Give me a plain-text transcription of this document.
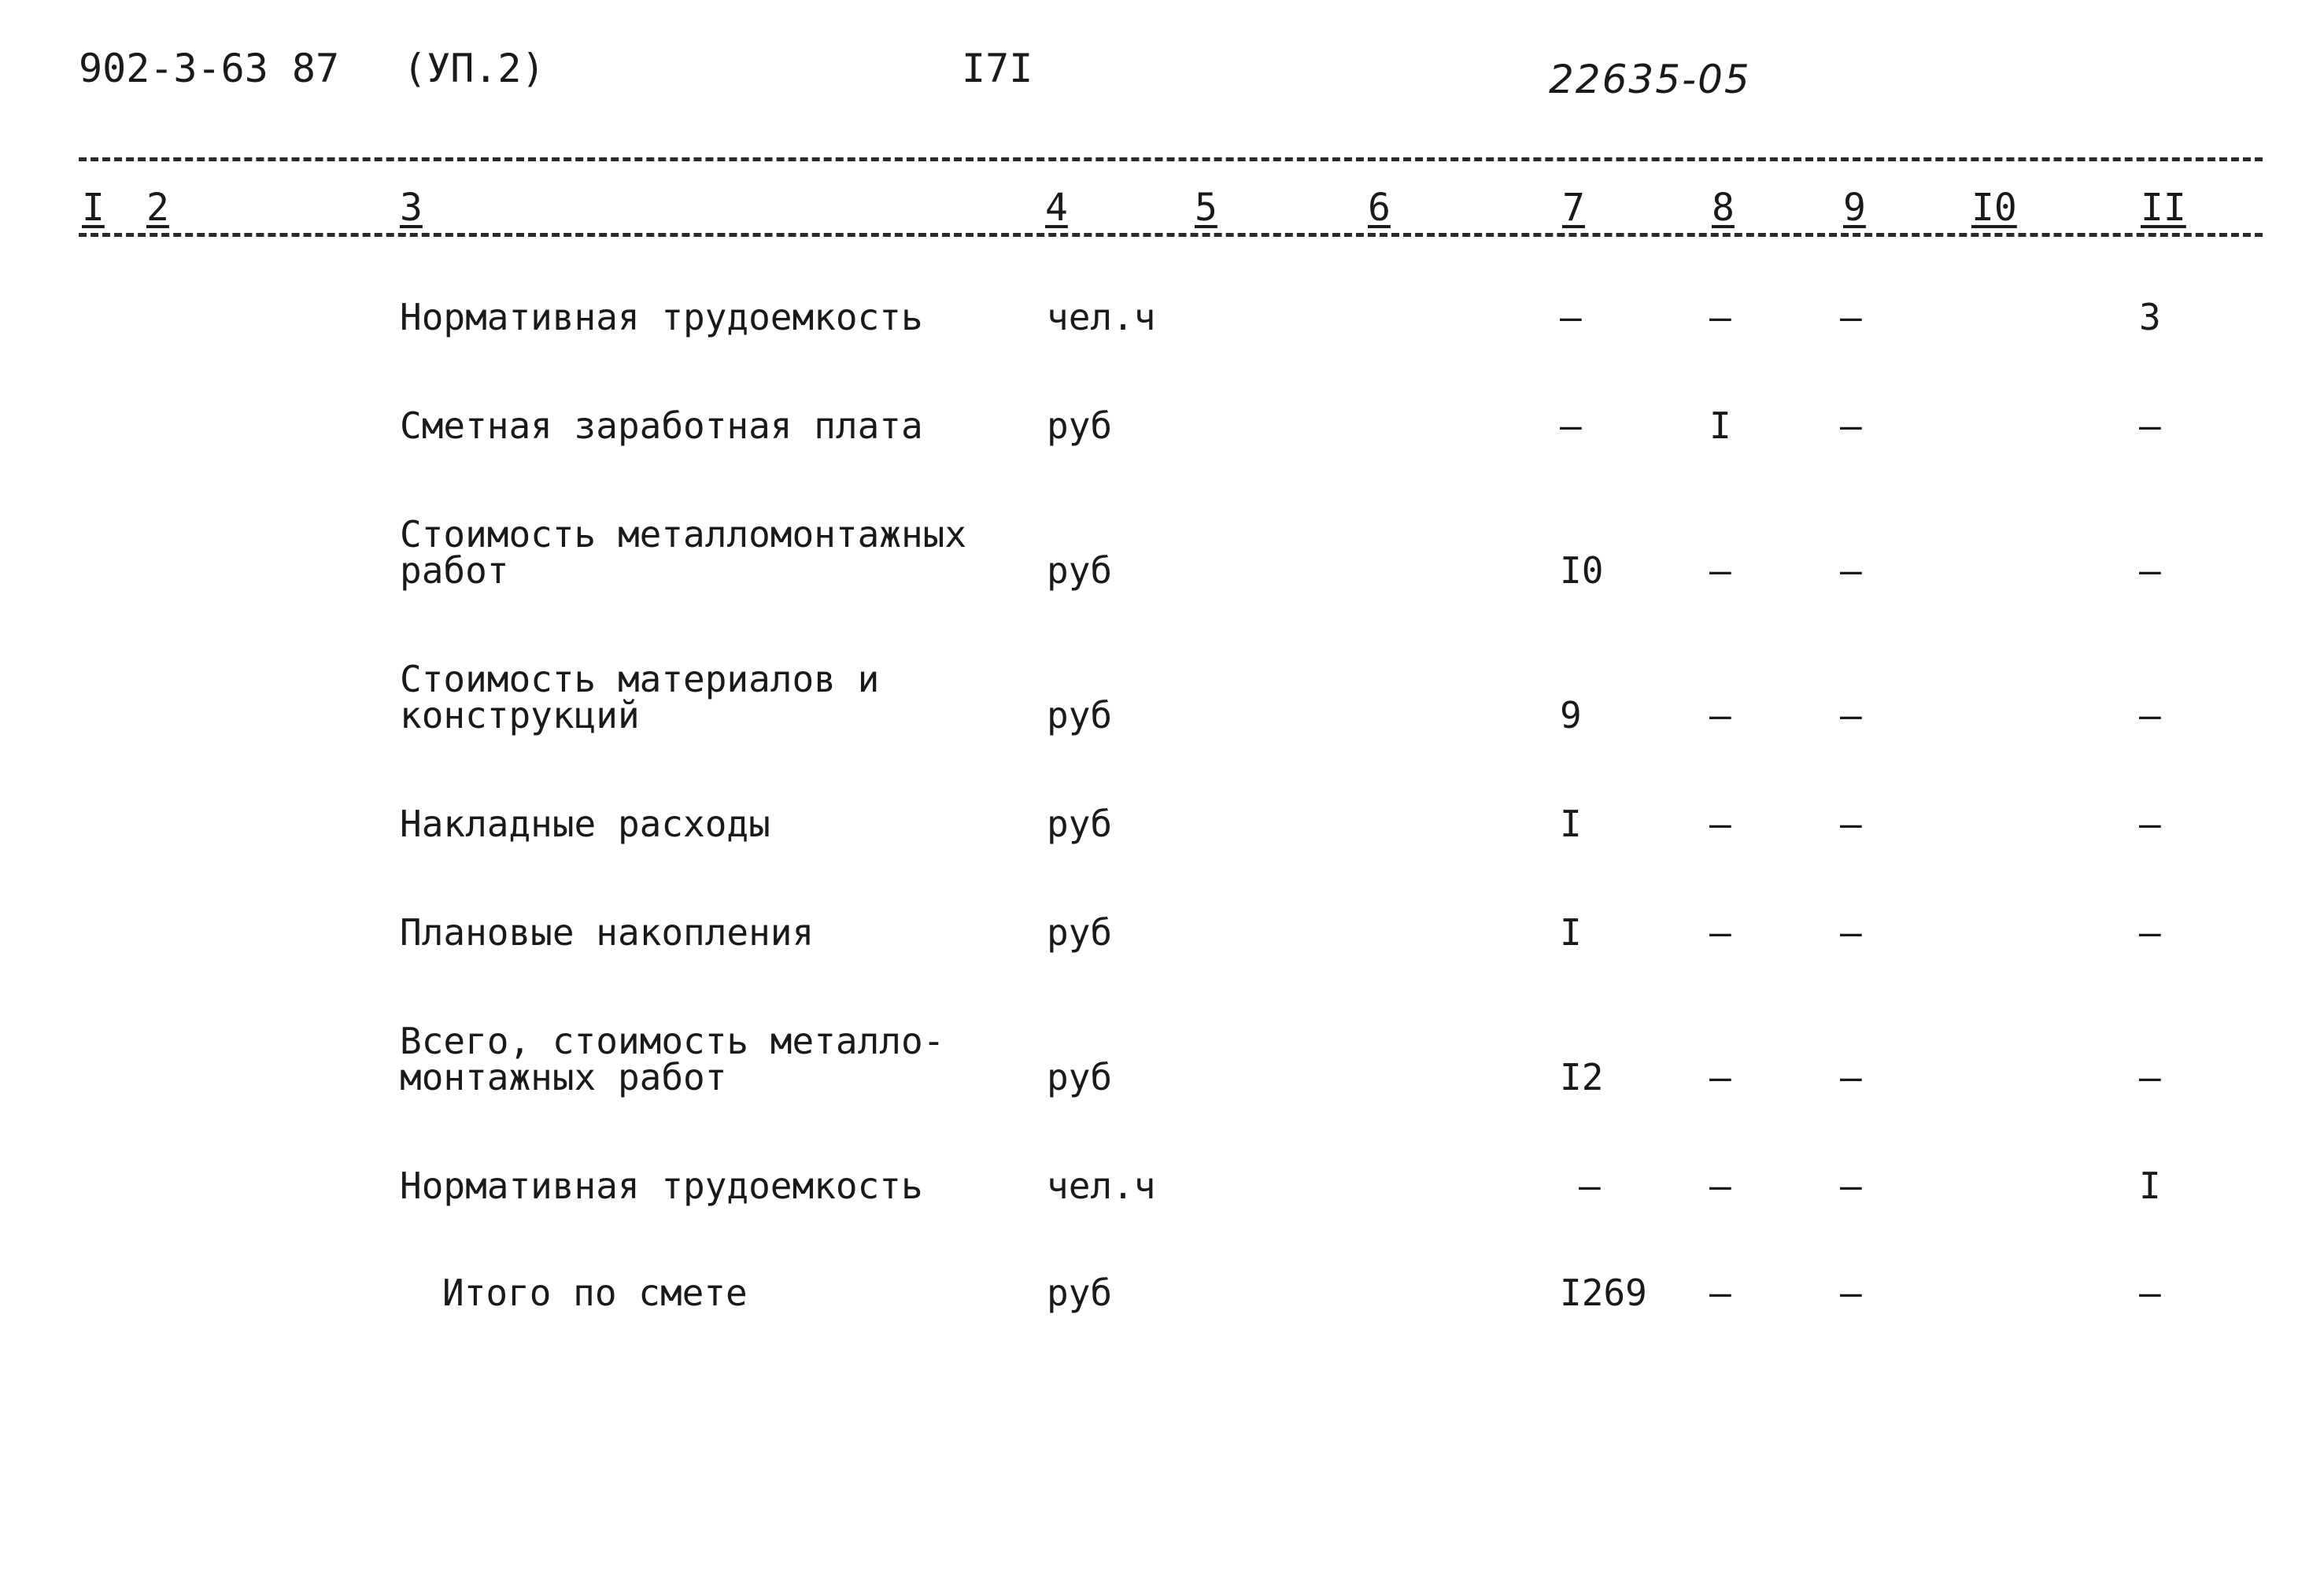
902-3-63 87 (УП.2)	I7I	22635-05
I 2	3	4	5	6	7	8	9	I0	II
Нормативная трудоемкость	чел.ч	–	–	–	3
Сметная заработная плата	руб	–	I	–	–
Стоимость металломонтажных
работ	руб	I0	–	–	–
Стоимость материалов и
конструкций	руб	9	–	–	–
Накладные расходы	руб	I	–	–	–
Плановые накопления	руб	I	–	–	–
Всего, стоимость металло-
монтажных работ	руб	I2	–	–	–
Нормативная трудоемкость	чел.ч	–	–	–	I
Итого по смете	руб	I269 –	–	–
